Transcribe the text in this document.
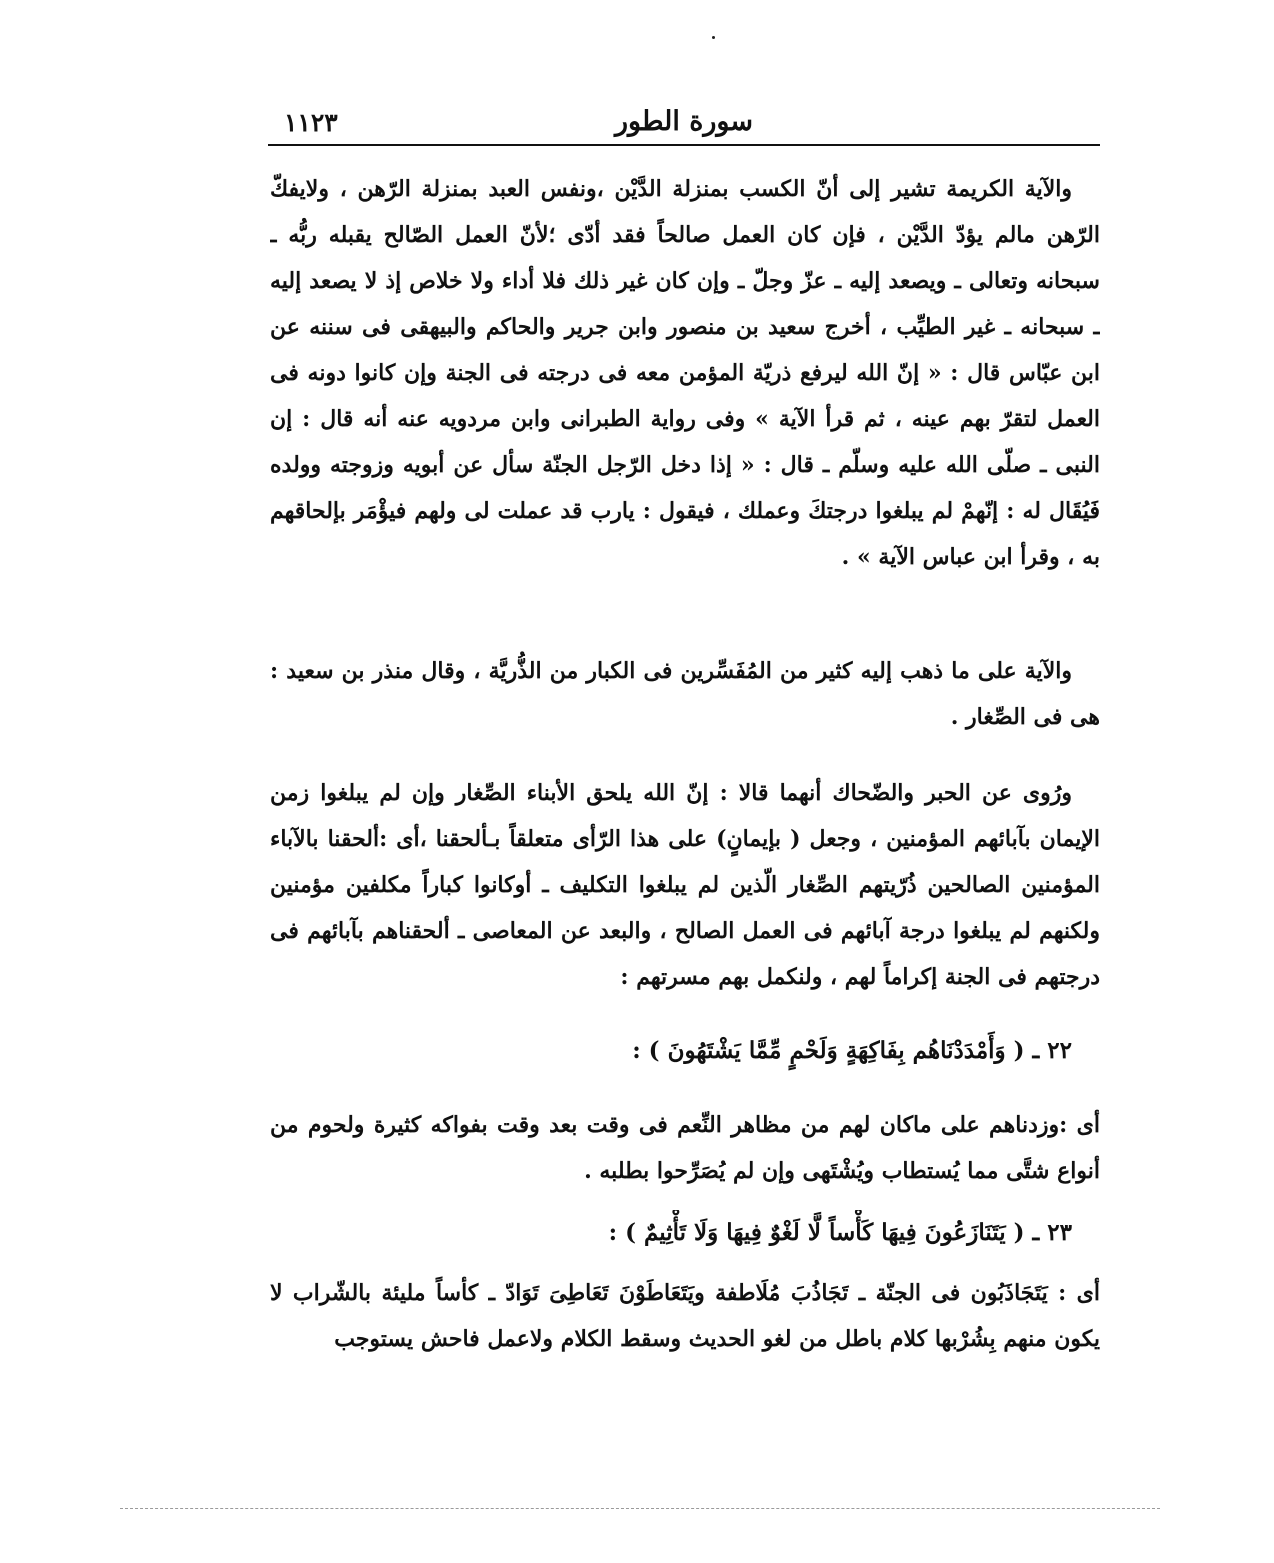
سورة الطور
١١٢٣

والآية الكريمة تشير إلى أنّ الكسب بمنزلة الدَّيْن ،ونفس العبد بمنزلة الرّهن ، ولايفكّ الرّهن مالم يؤدّ الدَّيْن ، فإن كان العمل صالحاً فقد أدّى ؛لأنّ العمل الصّالح يقبله ربُّه ـ سبحانه وتعالى ـ ويصعد إليه ـ عزّ وجلّ ـ وإن كان غير ذلك فلا أداء ولا خلاص إذ لا يصعد إليه ـ سبحانه ـ غير الطيِّب ، أخرج سعيد بن منصور وابن جرير والحاكم والبيهقى فى سننه عن ابن عبّاس قال : « إنّ الله ليرفع ذريّة المؤمن معه فى درجته فى الجنة وإن كانوا دونه فى العمل لتقرّ بهم عينه ، ثم قرأ الآية » وفى رواية الطبرانى وابن مردويه عنه أنه قال : إن النبى ـ صلّى الله عليه وسلّم ـ قال : « إذا دخل الرّجل الجنّة سأل عن أبويه وزوجته وولده فَيُقَال له : إنّهمْ لم يبلغوا درجتكَ وعملك ، فيقول : يارب قد عملت لى ولهم فيؤْمَر بإلحاقهم به ، وقرأ ابن عباس الآية » .

والآية على ما ذهب إليه كثير من المُفَسِّرين فى الكبار من الذُّريَّة ، وقال منذر بن سعيد : هى فى الصِّغار .

ورُوى عن الحبر والضّحاك أنهما قالا : إنّ الله يلحق الأبناء الصِّغار وإن لم يبلغوا زمن الإيمان بآبائهم المؤمنين ، وجعل ( بإيمانٍ) على هذا الرّأى متعلقاً بـألحقنا ،أى :ألحقنا بالآباء المؤمنين الصالحين ذُرّيتهم الصِّغار الّذين لم يبلغوا التكليف ـ أوكانوا كباراً مكلفين مؤمنين ولكنهم لم يبلغوا درجة آبائهم فى العمل الصالح ، والبعد عن المعاصى ـ ألحقناهم بآبائهم فى درجتهم فى الجنة إكراماً لهم ، ولنكمل بهم مسرتهم :

٢٢ ـ ( وَأَمْدَدْنَاهُم بِفَاكِهَةٍ وَلَحْمٍ مِّمَّا يَشْتَهُونَ ) :

أى :وزدناهم على ماكان لهم من مظاهر النِّعم فى وقت بعد وقت بفواكه كثيرة ولحوم من أنواع شتَّى مما يُستطاب ويُشْتَهى وإن لم يُصَرِّحوا بطلبه .

٢٣ ـ ( يَتَنَازَعُونَ فِيهَا كَأْساً لَّا لَغْوٌ فِيهَا وَلَا تَأْثِيمٌ ) :

أى : يَتَجَاذَبُون فى الجنّة ـ تَجَاذُبَ مُلَاطفة ويَتَعَاطَوْنَ تَعَاطِىَ تَوَادّ ـ كأساً مليئة بالشّراب لا يكون منهم بِشُرْبها كلام باطل من لغو الحديث وسقط الكلام ولاعمل فاحش يستوجب
